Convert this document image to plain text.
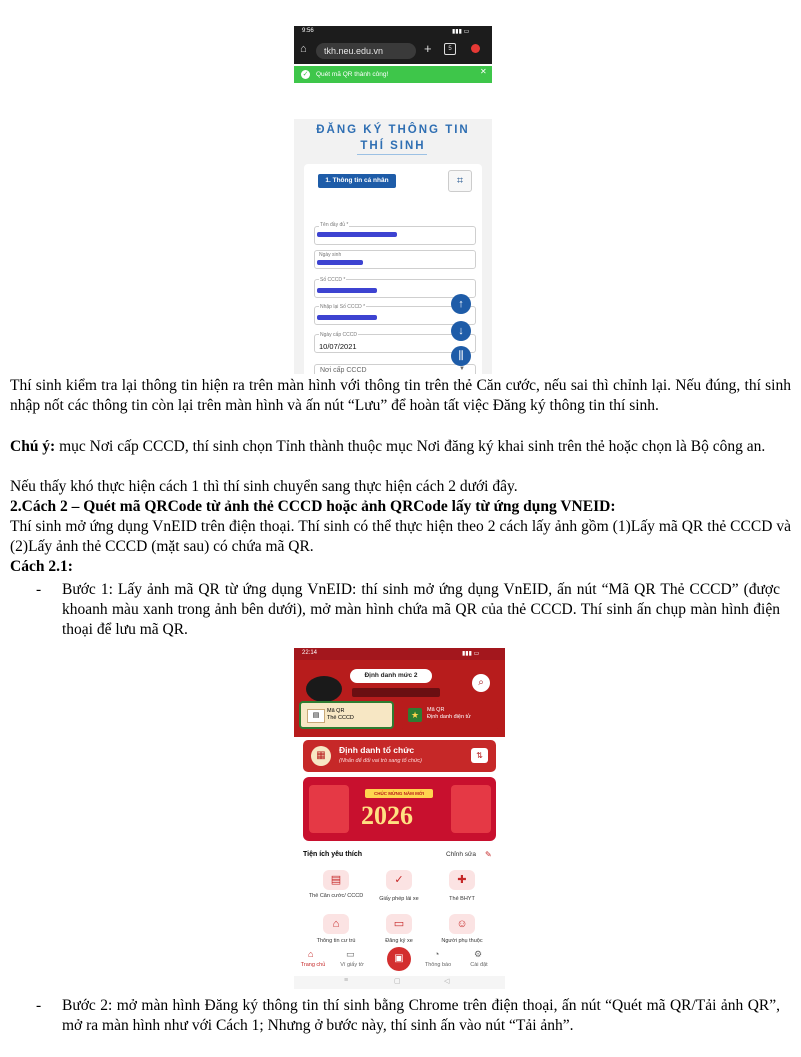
9:56	▮▮▮ ▭
⌂	+	5
tkh.neu.edu.vn
Quét mã QR thành công!
✓	✕
ĐĂNG KÝ THÔNG TIN
THÍ SINH
1. Thông tin cá nhân	⌗
Tên đầy đủ *
Ngày sinh
Số CCCD *
Nhập lại Số CCCD *
Ngày cấp CCCD
10/07/2021
Nơi cấp CCCD	▼
↑
↓
⫼
Thí sinh kiểm tra lại thông tin hiện ra trên màn hình với thông tin trên thẻ Căn cước, nếu sai thì chỉnh lại. Nếu đúng, thí sinh nhập nốt các thông tin còn lại trên màn hình và ấn nút “Lưu” để hoàn tất việc Đăng ký thông tin thí sinh.
Chú ý: mục Nơi cấp CCCD, thí sinh chọn Tỉnh thành thuộc mục Nơi đăng ký khai sinh trên thẻ hoặc chọn là Bộ công an.
Nếu thấy khó thực hiện cách 1 thì thí sinh chuyển sang thực hiện cách 2 dưới đây.
2.Cách 2 – Quét mã QRCode từ ảnh thẻ CCCD hoặc ảnh QRCode lấy từ ứng dụng VNEID:
Thí sinh mở ứng dụng VnEID trên điện thoại. Thí sinh có thể thực hiện theo 2 cách lấy ảnh gồm (1)Lấy mã QR thẻ CCCD và (2)Lấy ảnh thẻ CCCD (mặt sau) có chứa mã QR.
Cách 2.1:
- Bước 1: Lấy ảnh mã QR từ ứng dụng VnEID: thí sinh mở ứng dụng VnEID, ấn nút “Mã QR Thẻ CCCD” (được khoanh màu xanh trong ảnh bên dưới), mở màn hình chứa mã QR của thẻ CCCD. Thí sinh ấn chụp màn hình điện thoại để lưu mã QR.
22:14	▮▮▮ ▭
Định danh mức 2
⌕
▤
Mã QR
Thẻ CCCD	★	Mã QR
Định danh điện tử
▦	Định danh tổ chức
(Nhấn để đổi vai trò sang tổ chức)
⇅
CHÚC MỪNG NĂM MỚI
2026
Tiện ích yêu thích	Chỉnh sửa ✎
▤
Thẻ Căn cước/ CCCD
✓
Giấy phép lái xe
✚
Thẻ BHYT
⌂
Thông tin cư trú
▭
Đăng ký xe
☺
Người phụ thuộc
⌂
Trang chủ
▭
Ví giấy tờ
▣	◔
Thông báo
⚙
Cài đặt
≡	▢	◁
- Bước 2: mở màn hình Đăng ký thông tin thí sinh bằng Chrome trên điện thoại, ấn nút “Quét mã QR/Tải ảnh QR”, mở ra màn hình như với Cách 1; Nhưng ở bước này, thí sinh ấn vào nút “Tải ảnh”.
